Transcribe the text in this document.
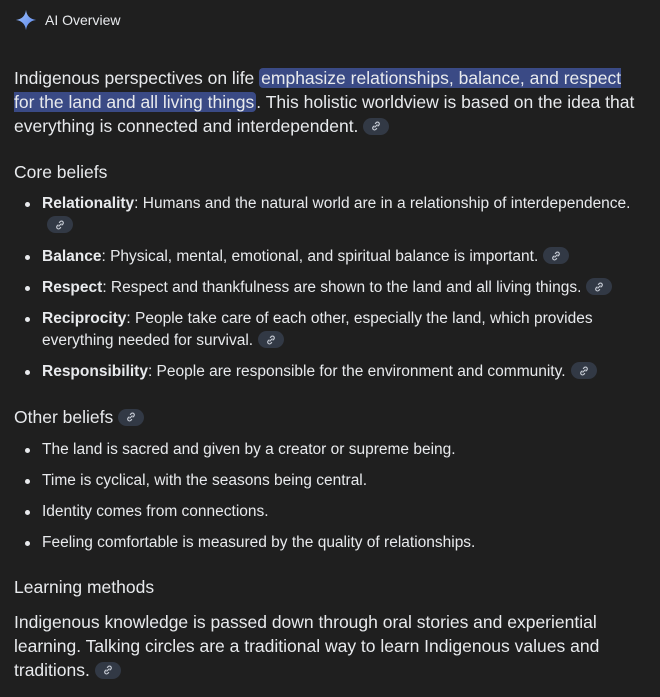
AI Overview

Indigenous perspectives on life emphasize relationships, balance, and respect for the land and all living things . This holistic worldview is based on the idea that everything is connected and interdependent.

Core beliefs
Relationality: Humans and the natural world are in a relationship of interdependence.
Balance: Physical, mental, emotional, and spiritual balance is important.
Respect: Respect and thankfulness are shown to the land and all living things.
Reciprocity: People take care of each other, especially the land, which provides everything needed for survival.
Responsibility: People are responsible for the environment and community.
Other beliefs
The land is sacred and given by a creator or supreme being.
Time is cyclical, with the seasons being central.
Identity comes from connections.
Feeling comfortable is measured by the quality of relationships.
Learning methods

Indigenous knowledge is passed down through oral stories and experiential learning. Talking circles are a traditional way to learn Indigenous values and traditions.
